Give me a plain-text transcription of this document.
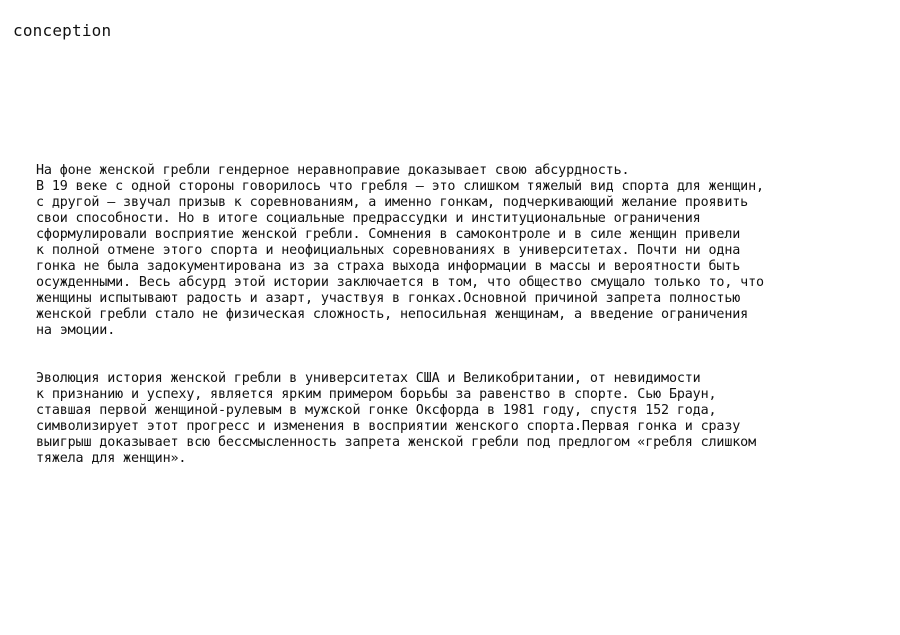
conception

На фоне женской гребли гендерное неравноправие доказывает свою абсурдность.
В 19 веке с одной стороны говорилось что гребля — это слишком тяжелый вид спорта для женщин,
с другой — звучал призыв к соревнованиям, а именно гонкам, подчеркивающий желание проявить
свои способности. Но в итоге социальные предрассудки и институциональные ограничения
сформулировали восприятие женской гребли. Сомнения в самоконтроле и в силе женщин привели
к полной отмене этого спорта и неофициальных соревнованиях в университетах. Почти ни одна
гонка не была задокументирована из за страха выхода информации в массы и вероятности быть
осужденными. Весь абсурд этой истории заключается в том, что общество смущало только то, что
женщины испытывают радость и азарт, участвуя в гонках.Основной причиной запрета полностью
женской гребли стало не физическая сложность, непосильная женщинам, а введение ограничения
на эмоции.

Эволюция история женской гребли в университетах США и Великобритании, от невидимости
к признанию и успеху, является ярким примером борьбы за равенство в спорте. Сью Браун,
ставшая первой женщиной-рулевым в мужской гонке Оксфорда в 1981 году, спустя 152 года,
символизирует этот прогресс и изменения в восприятии женского спорта.Первая гонка и сразу
выигрыш доказывает всю бессмысленность запрета женской гребли под предлогом «гребля слишком
тяжела для женщин».
